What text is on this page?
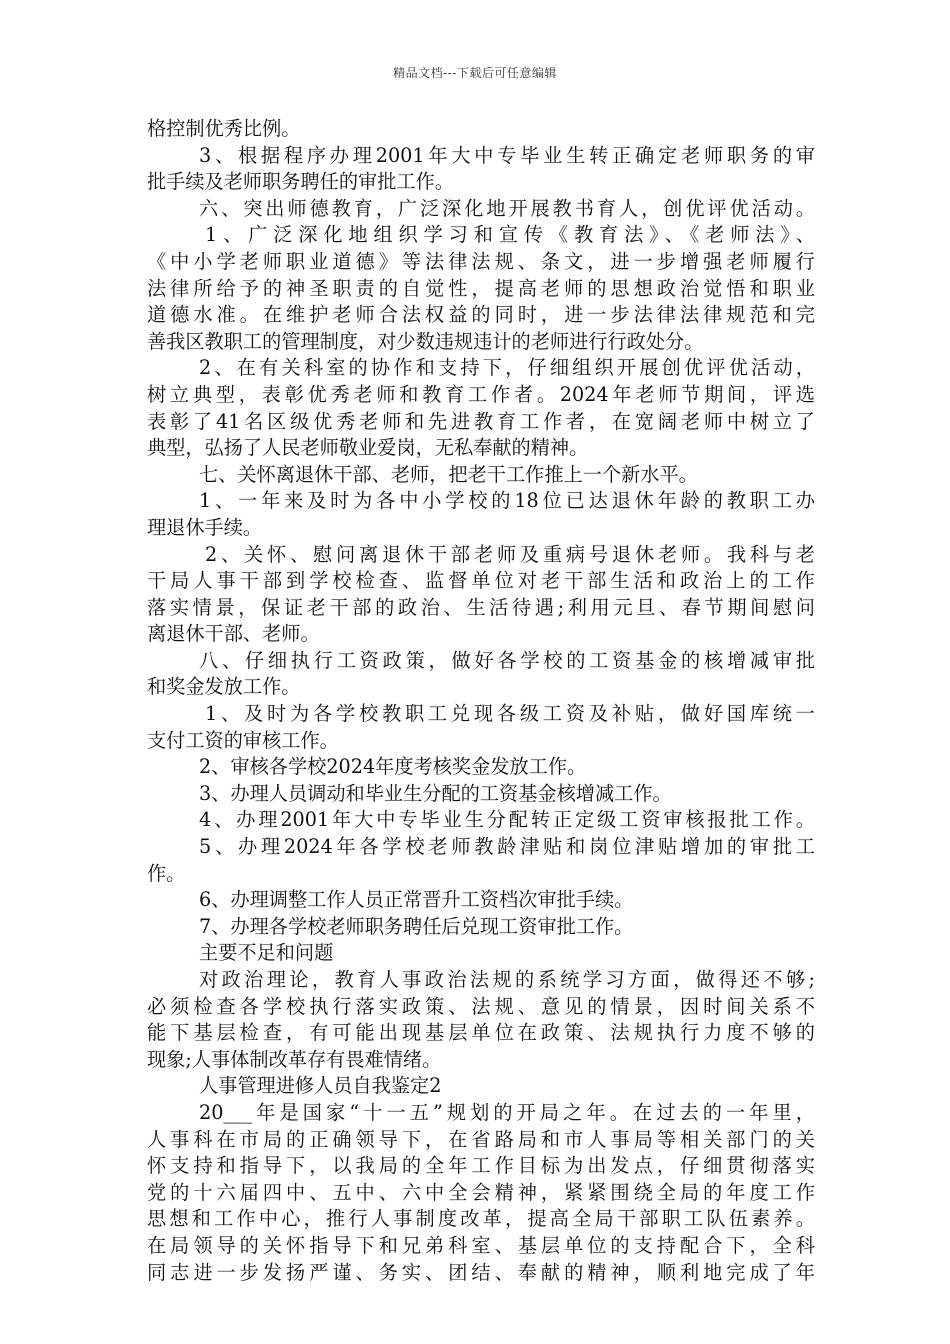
精品文档---下载后可任意编辑
格控制优秀比例。
3、根据程序办理2001年大中专毕业生转正确定老师职务的审
批手续及老师职务聘任的审批工作。
六、突出师德教育，广泛深化地开展教书育人，创优评优活动。
1、广泛深化地组织学习和宣传《教育法》、《老师法》、
《中小学老师职业道德》等法律法规、条文，进一步增强老师履行
法律所给予的神圣职责的自觉性，提高老师的思想政治觉悟和职业
道德水准。在维护老师合法权益的同时，进一步法律法律规范和完
善我区教职工的管理制度，对少数违规违计的老师进行行政处分。
2、在有关科室的协作和支持下，仔细组织开展创优评优活动，
树立典型，表彰优秀老师和教育工作者。2024年老师节期间，评选
表彰了41名区级优秀老师和先进教育工作者，在宽阔老师中树立了
典型，弘扬了人民老师敬业爱岗，无私奉献的精神。
七、关怀离退休干部、老师，把老干工作推上一个新水平。
1、一年来及时为各中小学校的18位已达退休年龄的教职工办
理退休手续。
2、关怀、慰问离退休干部老师及重病号退休老师。我科与老
干局人事干部到学校检查、监督单位对老干部生活和政治上的工作
落实情景，保证老干部的政治、生活待遇;利用元旦、春节期间慰问
离退休干部、老师。
八、仔细执行工资政策，做好各学校的工资基金的核增减审批
和奖金发放工作。
1、及时为各学校教职工兑现各级工资及补贴，做好国库统一
支付工资的审核工作。
2、审核各学校2024年度考核奖金发放工作。
3、办理人员调动和毕业生分配的工资基金核增减工作。
4、办理2001年大中专毕业生分配转正定级工资审核报批工作。
5、办理2024年各学校老师教龄津贴和岗位津贴增加的审批工
作。
6、办理调整工作人员正常晋升工资档次审批手续。
7、办理各学校老师职务聘任后兑现工资审批工作。
主要不足和问题
对政治理论，教育人事政治法规的系统学习方面，做得还不够;
必须检查各学校执行落实政策、法规、意见的情景，因时间关系不
能下基层检查，有可能出现基层单位在政策、法规执行力度不够的
现象;人事体制改革存有畏难情绪。
人事管理进修人员自我鉴定2
20___年是国家“十一五”规划的开局之年。在过去的一年里，
人事科在市局的正确领导下，在省路局和市人事局等相关部门的关
怀支持和指导下，以我局的全年工作目标为出发点，仔细贯彻落实
党的十六届四中、五中、六中全会精神，紧紧围绕全局的年度工作
思想和工作中心，推行人事制度改革，提高全局干部职工队伍素养。
在局领导的关怀指导下和兄弟科室、基层单位的支持配合下，全科
同志进一步发扬严谨、务实、团结、奉献的精神，顺利地完成了年
